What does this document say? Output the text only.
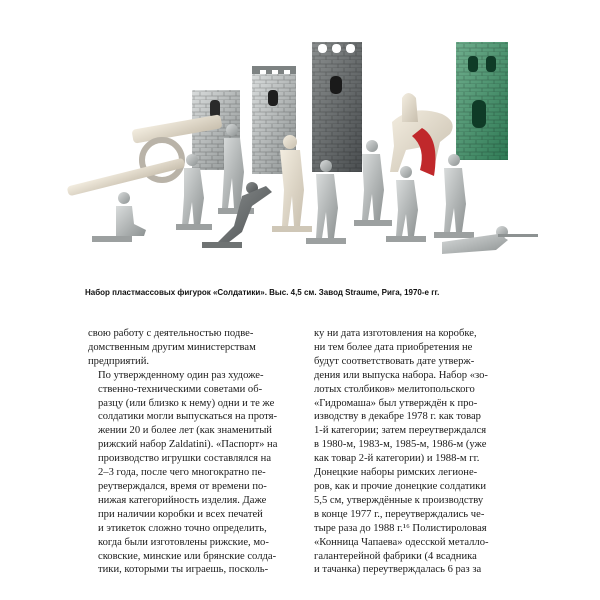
Набор пластмассовых фигурок «Солдатики». Выс. 4,5 см. Завод Straume, Рига, 1970-е гг.

свою работу с деятельностью подве-
домственным другим министерствам
предприятий.

По утвержденному один раз художе-
ственно-техническими советами об-
разцу (или близко к нему) одни и те же
солдатики могли выпускаться на протя-
жении 20 и более лет (как знаменитый
рижский набор Zaldatini). «Паспорт» на
производство игрушки составлялся на
2–3 года, после чего многократно пе-
реутверждался, время от времени по-
нижая категорийность изделия. Даже
при наличии коробки и всех печатей
и этикеток сложно точно определить,
когда были изготовлены рижские, мо-
сковские, минские или брянские солда-
тики, которыми ты играешь, посколь-

ку ни дата изготовления на коробке,
ни тем более дата приобретения не
будут соответствовать дате утверж-
дения или выпуска набора. Набор «зо-
лотых столбиков» мелитопольского
«Гидромаша» был утверждён к про-
изводству в декабре 1978 г. как товар
1-й категории; затем переутверждался
в 1980-м, 1983-м, 1985-м, 1986-м (уже
как товар 2-й категории) и 1988-м гг.
Донецкие наборы римских легионе-
ров, как и прочие донецкие солдатики
5,5 см, утверждённые к производству
в конце 1977 г., переутверждались че-
тыре раза до 1988 г.¹⁶ Полистироловая
«Конница Чапаева» одесской металло-
галантерейной фабрики (4 всадника
и тачанка) переутверждалась 6 раз за
